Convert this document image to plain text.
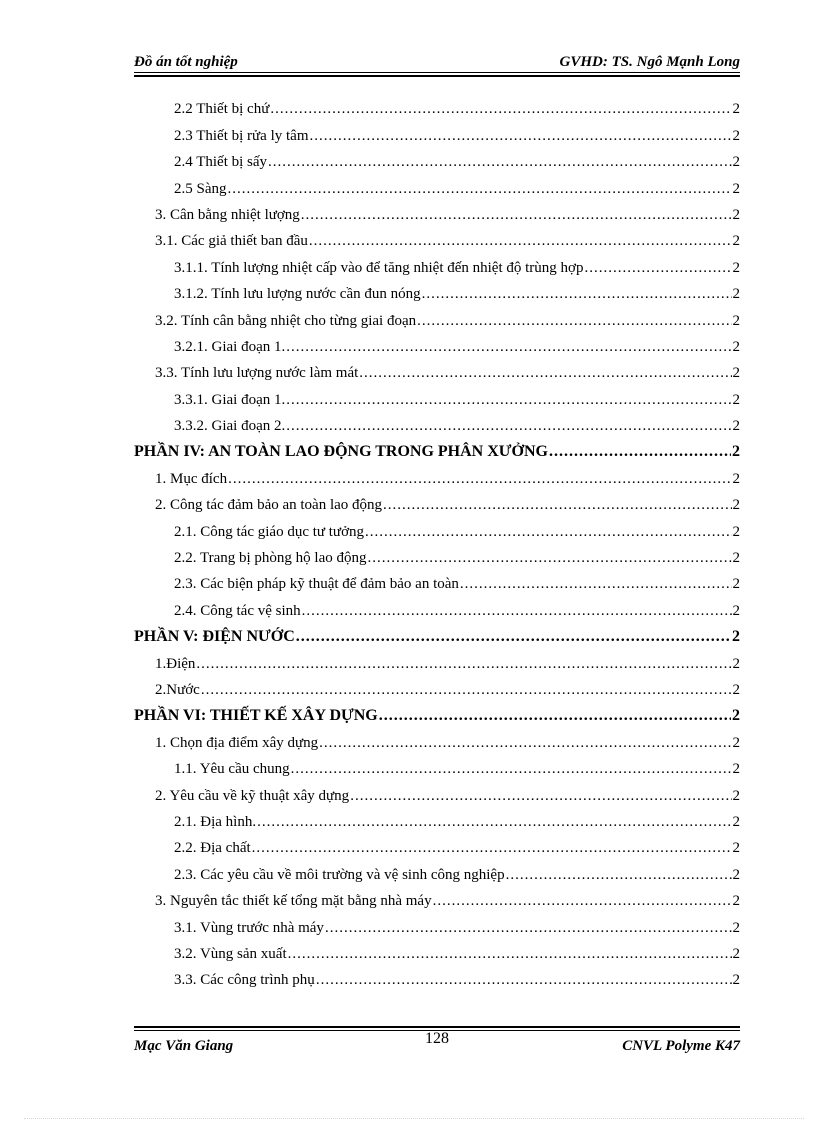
Đồ án tốt nghiệp	GVHD: TS. Ngô Mạnh Long
2.2 Thiết bị chứ .....	2
2.3 Thiết bị rửa ly tâm .....	2
2.4 Thiết bị sấy .....	2
2.5 Sàng .....	2
3. Cân bằng nhiệt lượng .....	2
3.1. Các giả thiết ban đầu .....	2
3.1.1. Tính lượng nhiệt cấp vào để tăng nhiệt đến nhiệt độ trùng hợp .....	2
3.1.2. Tính lưu lượng nước cần đun nóng .....	2
3.2. Tính cân bằng nhiệt cho từng giai đoạn .....	2
3.2.1. Giai đoạn 1. .....	2
3.3. Tính lưu lượng nước làm mát .....	2
3.3.1. Giai đoạn 1. .....	2
3.3.2. Giai đoạn 2. .....	2
PHẦN IV: AN TOÀN LAO ĐỘNG TRONG PHÂN XƯỞNG .....	2
1. Mục đích .....	2
2. Công tác đảm bảo an toàn lao động .....	2
2.1. Công tác giáo dục tư tưởng .....	2
2.2. Trang bị phòng hộ lao động .....	2
2.3. Các biện pháp kỹ thuật để đảm bảo an toàn .....	2
2.4. Công tác vệ sinh .....	2
PHẦN V: ĐIỆN NƯỚC .....	2
1.Điện .....	2
2.Nước .....	2
PHẦN VI: THIẾT KẾ XÂY DỰNG .....	2
1. Chọn địa điểm xây dựng .....	2
1.1. Yêu cầu chung .....	2
2. Yêu cầu về kỹ thuật xây dựng .....	2
2.1. Địa hình. .....	2
2.2. Địa chất .....	2
2.3. Các yêu cầu về môi trường và vệ sinh công nghiệp .....	2
3. Nguyên tắc thiết kế tổng mặt bằng nhà máy .....	2
3.1. Vùng trước nhà máy .....	2
3.2. Vùng sản xuất .....	2
3.3. Các công trình phụ .....	2
Mạc Văn Giang	128	CNVL Polyme K47
